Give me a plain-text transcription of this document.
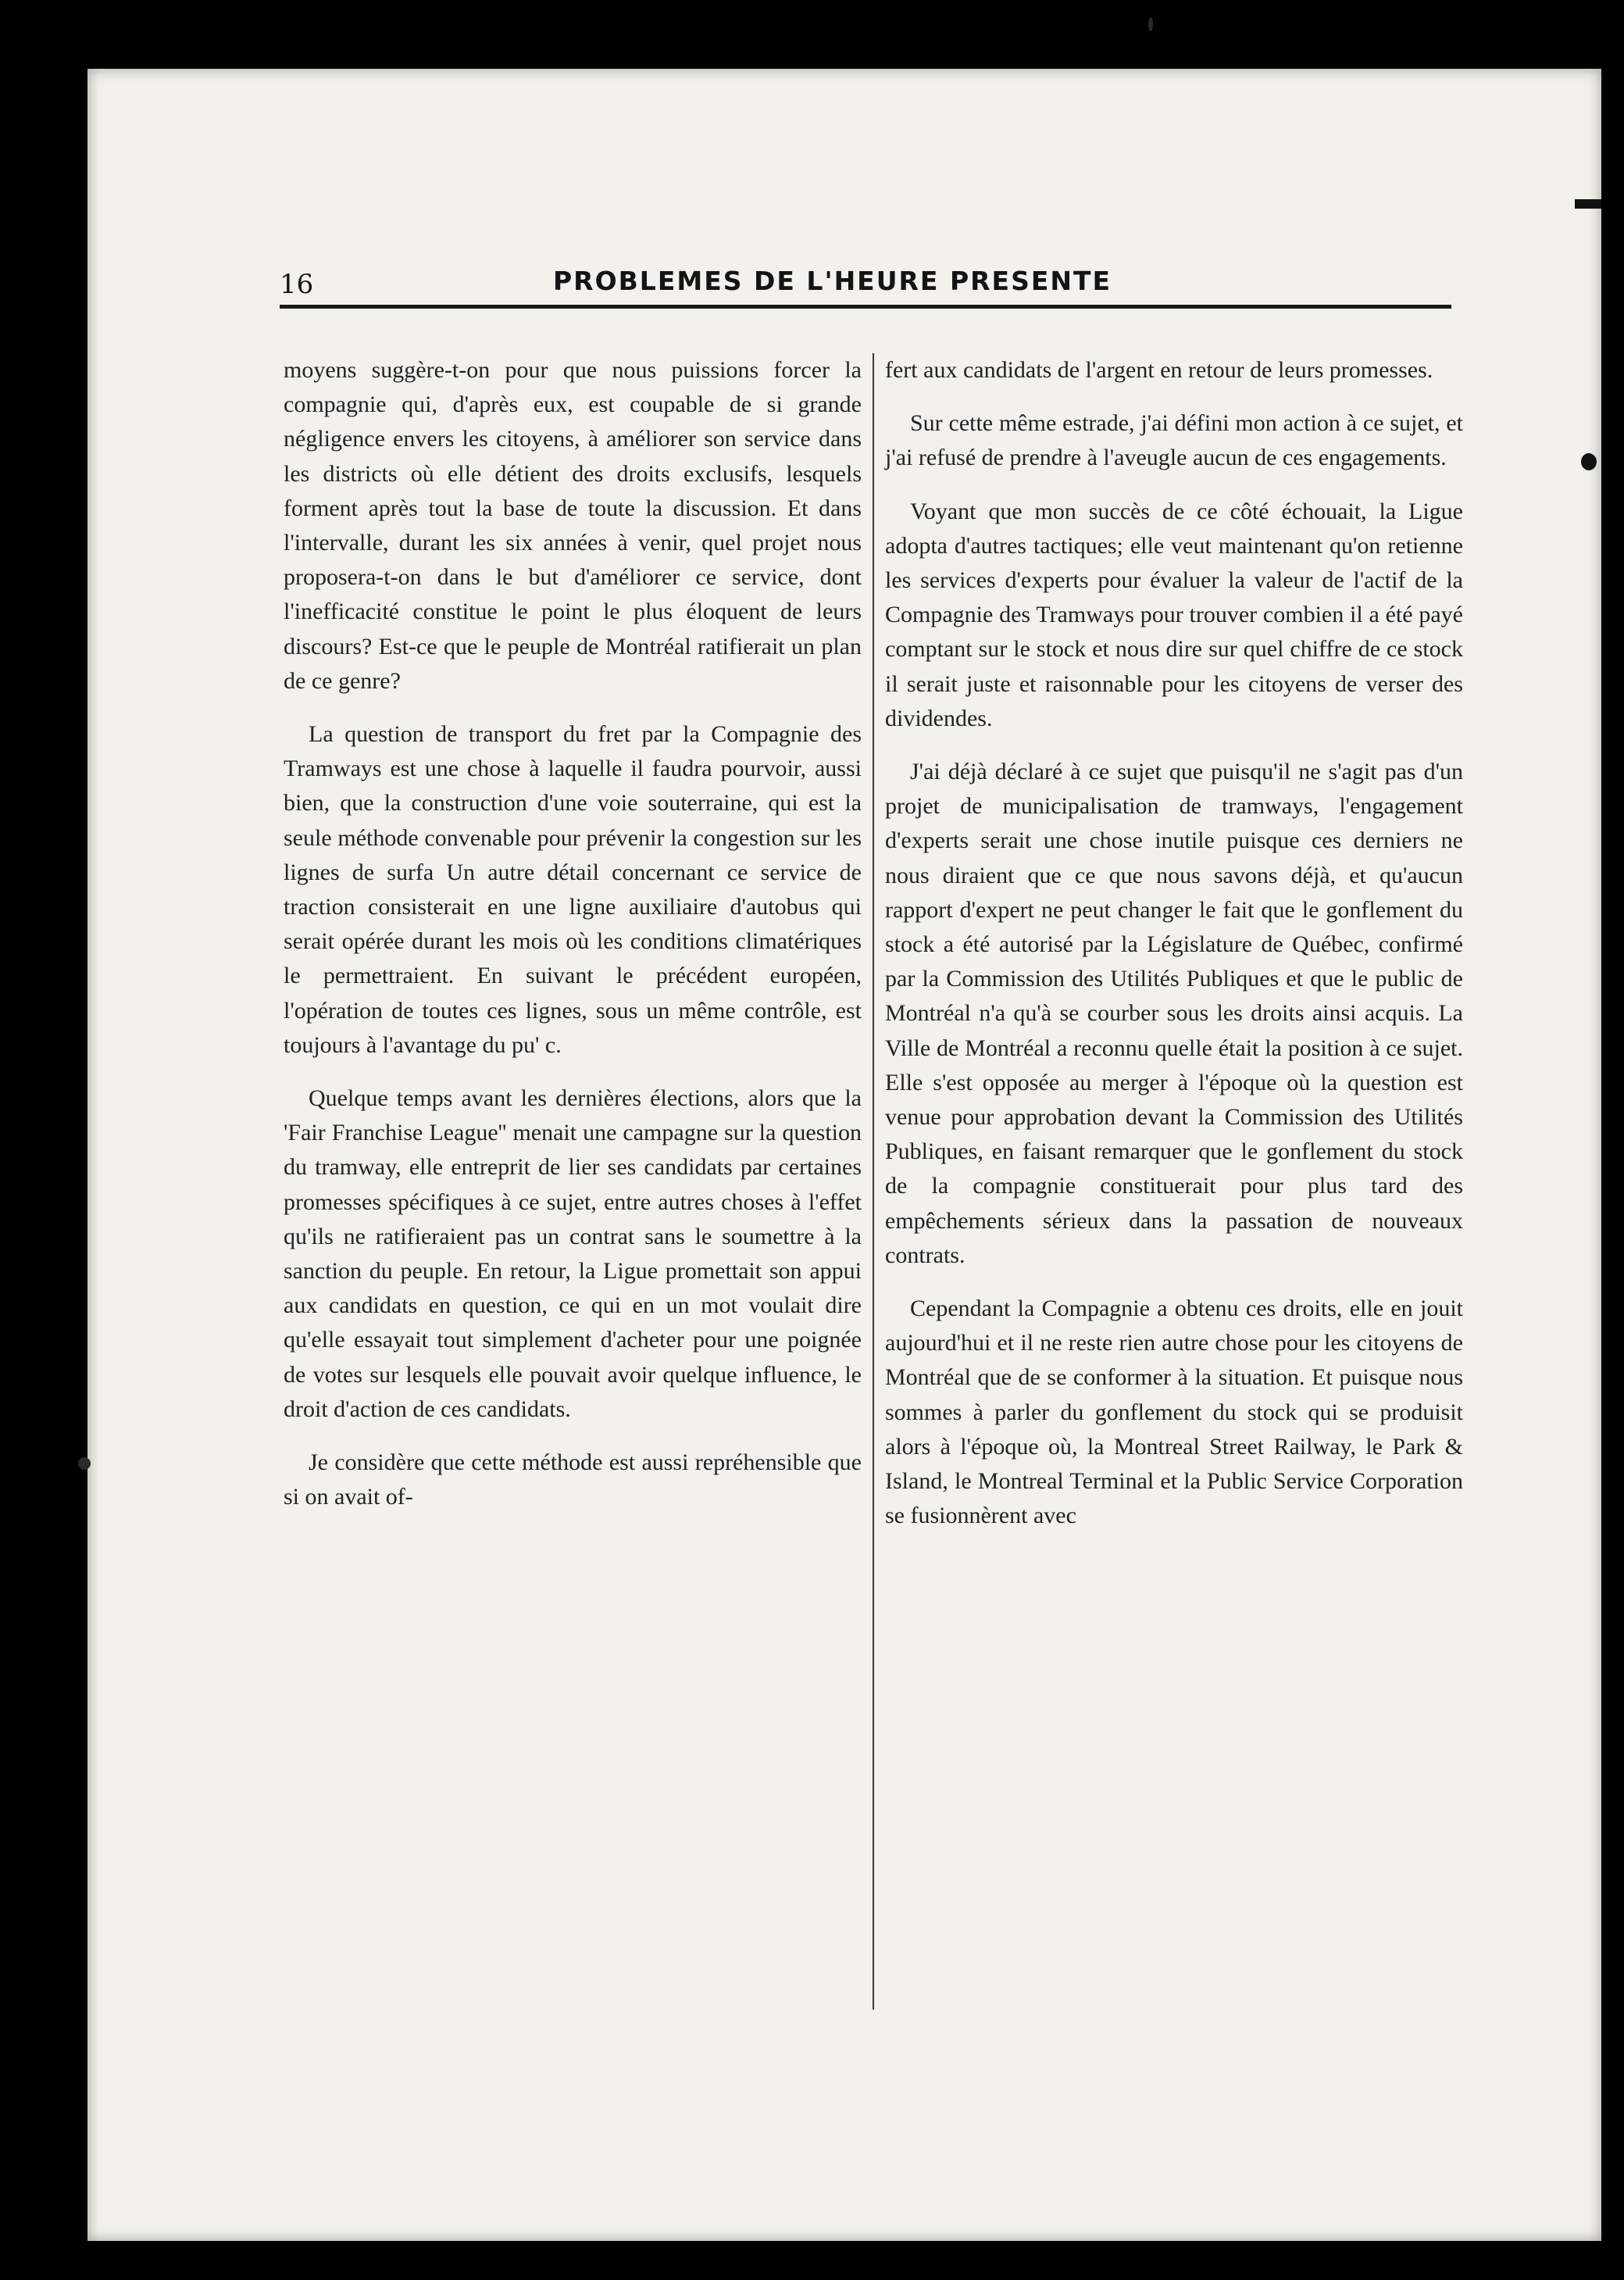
16	PROBLEMES DE L'HEURE PRESENTE

moyens suggère-t-on pour que nous puissions forcer la compagnie qui, d'après eux, est coupable de si grande négligence envers les citoyens, à améliorer son service dans les districts où elle détient des droits exclusifs, lesquels forment après tout la base de toute la discussion. Et dans l'intervalle, durant les six années à venir, quel projet nous proposera-t-on dans le but d'améliorer ce service, dont l'inefficacité constitue le point le plus éloquent de leurs discours? Est-ce que le peuple de Montréal ratifierait un plan de ce genre?

La question de transport du fret par la Compagnie des Tramways est une chose à laquelle il faudra pourvoir, aussi bien, que la construction d'une voie souterraine, qui est la seule méthode convenable pour prévenir la congestion sur les lignes de surfa Un autre détail concernant ce service de traction consisterait en une ligne auxiliaire d'autobus qui serait opérée durant les mois où les conditions climatériques le permettraient. En suivant le précédent européen, l'opération de toutes ces lignes, sous un même contrôle, est toujours à l'avantage du pu' c.

Quelque temps avant les dernières élections, alors que la 'Fair Franchise League'' menait une campagne sur la question du tramway, elle entreprit de lier ses candidats par certaines promesses spécifiques à ce sujet, entre autres choses à l'effet qu'ils ne ratifieraient pas un contrat sans le soumettre à la sanction du peuple. En retour, la Ligue promettait son appui aux candidats en question, ce qui en un mot voulait dire qu'elle essayait tout simplement d'acheter pour une poignée de votes sur lesquels elle pouvait avoir quelque influence, le droit d'action de ces candidats.

Je considère que cette méthode est aussi repréhensible que si on avait of-

fert aux candidats de l'argent en retour de leurs promesses.

Sur cette même estrade, j'ai défini mon action à ce sujet, et j'ai refusé de prendre à l'aveugle aucun de ces engagements.

Voyant que mon succès de ce côté échouait, la Ligue adopta d'autres tactiques; elle veut maintenant qu'on retienne les services d'experts pour évaluer la valeur de l'actif de la Compagnie des Tramways pour trouver combien il a été payé comptant sur le stock et nous dire sur quel chiffre de ce stock il serait juste et raisonnable pour les citoyens de verser des dividendes.

J'ai déjà déclaré à ce sujet que puisqu'il ne s'agit pas d'un projet de municipalisation de tramways, l'engagement d'experts serait une chose inutile puisque ces derniers ne nous diraient que ce que nous savons déjà, et qu'aucun rapport d'expert ne peut changer le fait que le gonflement du stock a été autorisé par la Législature de Québec, confirmé par la Commission des Utilités Publiques et que le public de Montréal n'a qu'à se courber sous les droits ainsi acquis. La Ville de Montréal a reconnu quelle était la position à ce sujet. Elle s'est opposée au merger à l'époque où la question est venue pour approbation devant la Commission des Utilités Publiques, en faisant remarquer que le gonflement du stock de la compagnie constituerait pour plus tard des empêchements sérieux dans la passation de nouveaux contrats.

Cependant la Compagnie a obtenu ces droits, elle en jouit aujourd'hui et il ne reste rien autre chose pour les citoyens de Montréal que de se conformer à la situation. Et puisque nous sommes à parler du gonflement du stock qui se produisit alors à l'époque où, la Montreal Street Railway, le Park & Island, le Montreal Terminal et la Public Service Corporation se fusionnèrent avec
